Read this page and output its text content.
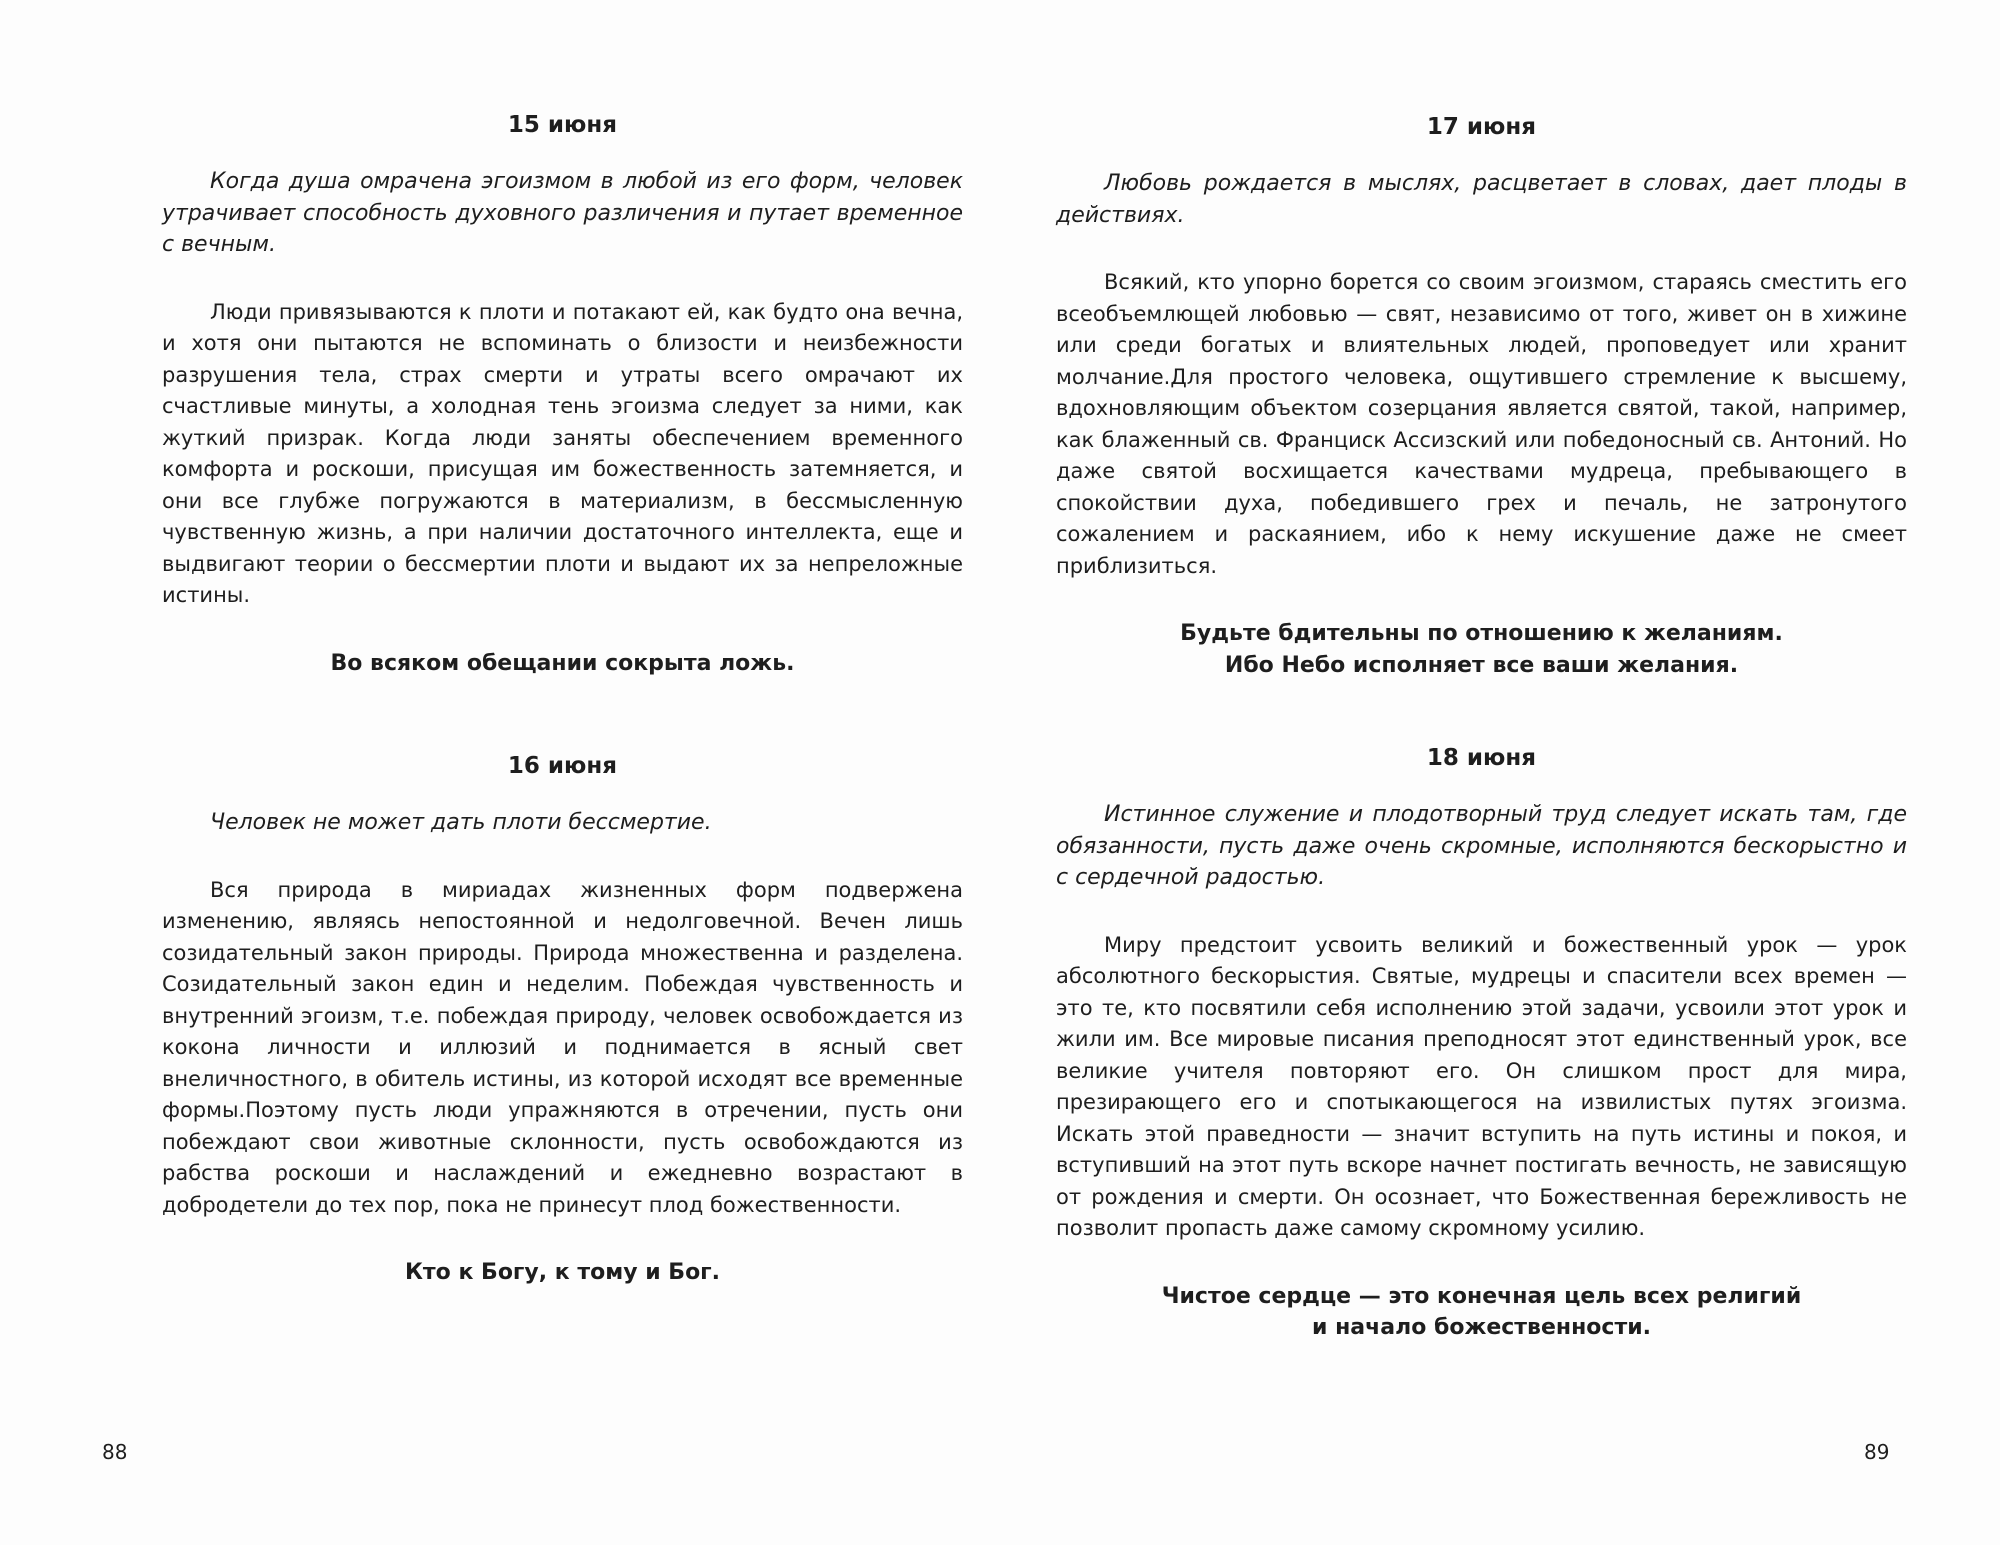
15 июня

Когда душа омрачена эгоизмом в любой из его форм, человек утрачивает способность духовного различения и путает временное с вечным.

Люди привязываются к плоти и потакают ей, как будто она вечна, и хотя они пытаются не вспоминать о близости и неизбежности разрушения тела, страх смерти и утраты всего омрачают их счастливые минуты, а холодная тень эгоизма следует за ними, как жуткий призрак. Когда люди заняты обеспечением временного комфорта и роскоши, присущая им божественность затемняется, и они все глубже погружаются в материализм, в бессмысленную чувственную жизнь, а при наличии достаточного интеллекта, еще и выдвигают теории о бессмертии плоти и выдают их за непреложные истины.

Во всяком обещании сокрыта ложь.

16 июня

Человек не может дать плоти бессмертие.

Вся природа в мириадах жизненных форм подвержена изменению, являясь непостоянной и недолговечной. Вечен лишь созидательный закон природы. Природа множественна и разделена. Созидательный закон един и неделим. Побеждая чувственность и внутренний эгоизм, т.е. побеждая природу, человек освобождается из кокона личности и иллюзий и поднимается в ясный свет внеличностного, в обитель истины, из которой исходят все временные формы.Поэтому пусть люди упражняются в отречении, пусть они побеждают свои животные склонности, пусть освобождаются из рабства роскоши и наслаждений и ежедневно возрастают в добродетели до тех пор, пока не принесут плод божественности.

Кто к Богу, к тому и Бог.

88
17 июня

Любовь рождается в мыслях, расцветает в словах, дает плоды в действиях.

Всякий, кто упорно борется со своим эгоизмом, стараясь сместить его всеобъемлющей любовью — свят, независимо от того, живет он в хижине или среди богатых и влиятельных людей, проповедует или хранит молчание.Для простого человека, ощутившего стремление к высшему, вдохновляющим объектом созерцания является святой, такой, например, как блаженный св. Франциск Ассизский или победоносный св. Антоний. Но даже святой восхищается качествами мудреца, пребывающего в спокойствии духа, победившего грех и печаль, не затронутого сожалением и раскаянием, ибо к нему искушение даже не смеет приблизиться.

Будьте бдительны по отношению к желаниям.
Ибо Небо исполняет все ваши желания.

18 июня

Истинное служение и плодотворный труд следует искать там, где обязанности, пусть даже очень скромные, исполняются бескорыстно и с сердечной радостью.

Миру предстоит усвоить великий и божественный урок — урок абсолютного бескорыстия. Святые, мудрецы и спасители всех времен — это те, кто посвятили себя исполнению этой задачи, усвоили этот урок и жили им. Все мировые писания преподносят этот единственный урок, все великие учителя повторяют его. Он слишком прост для мира, презирающего его и спотыкающегося на извилистых путях эгоизма. Искать этой праведности — значит вступить на путь истины и покоя, и вступивший на этот путь вскоре начнет постигать вечность, не зависящую от рождения и смерти. Он осознает, что Божественная бережливость не позволит пропасть даже самому скромному усилию.

Чистое сердце — это конечная цель всех религий
и начало божественности.

89
